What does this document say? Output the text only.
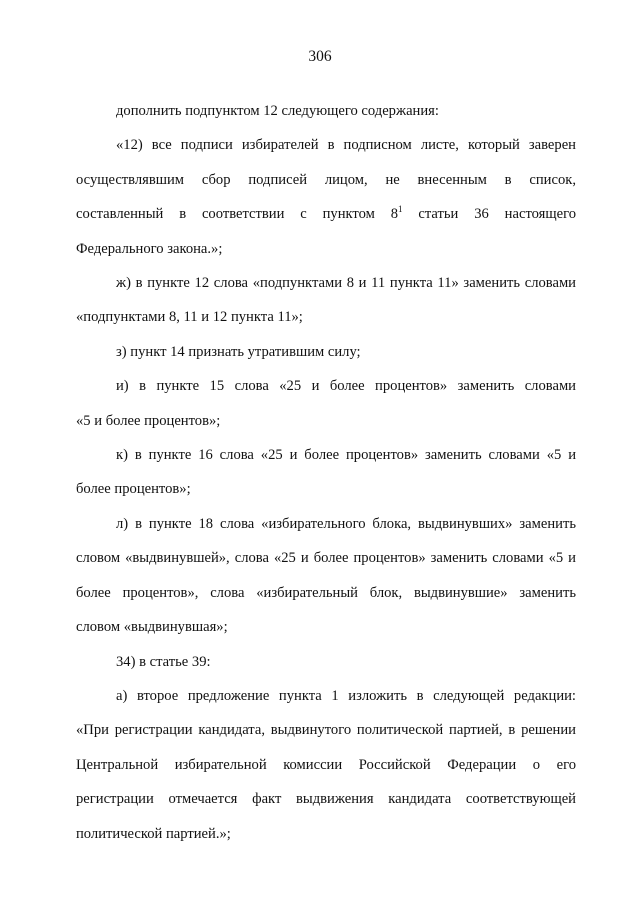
306
дополнить подпунктом 12 следующего содержания:
«12) все подписи избирателей в подписном листе, который заверен
осуществлявшим сбор подписей лицом, не внесенным в список,
составленный в соответствии с пунктом $8^1$ статьи 36 настоящего
Федерального закона.»;
ж) в пункте 12 слова «подпунктами 8 и 11 пункта 11» заменить словами
«подпунктами 8, 11 и 12 пункта 11»;
з) пункт 14 признать утратившим силу;
и) в пункте 15 слова «25 и более процентов» заменить словами
«5 и более процентов»;
к) в пункте 16 слова «25 и более процентов» заменить словами «5 и
более процентов»;
л) в пункте 18 слова «избирательного блока, выдвинувших» заменить
словом «выдвинувшей», слова «25 и более процентов» заменить словами «5 и
более процентов», слова «избирательный блок, выдвинувшие» заменить
словом «выдвинувшая»;
34) в статье 39:
а) второе предложение пункта 1 изложить в следующей редакции:
«При регистрации кандидата, выдвинутого политической партией, в решении
Центральной избирательной комиссии Российской Федерации о его
регистрации отмечается факт выдвижения кандидата соответствующей
политической партией.»;
